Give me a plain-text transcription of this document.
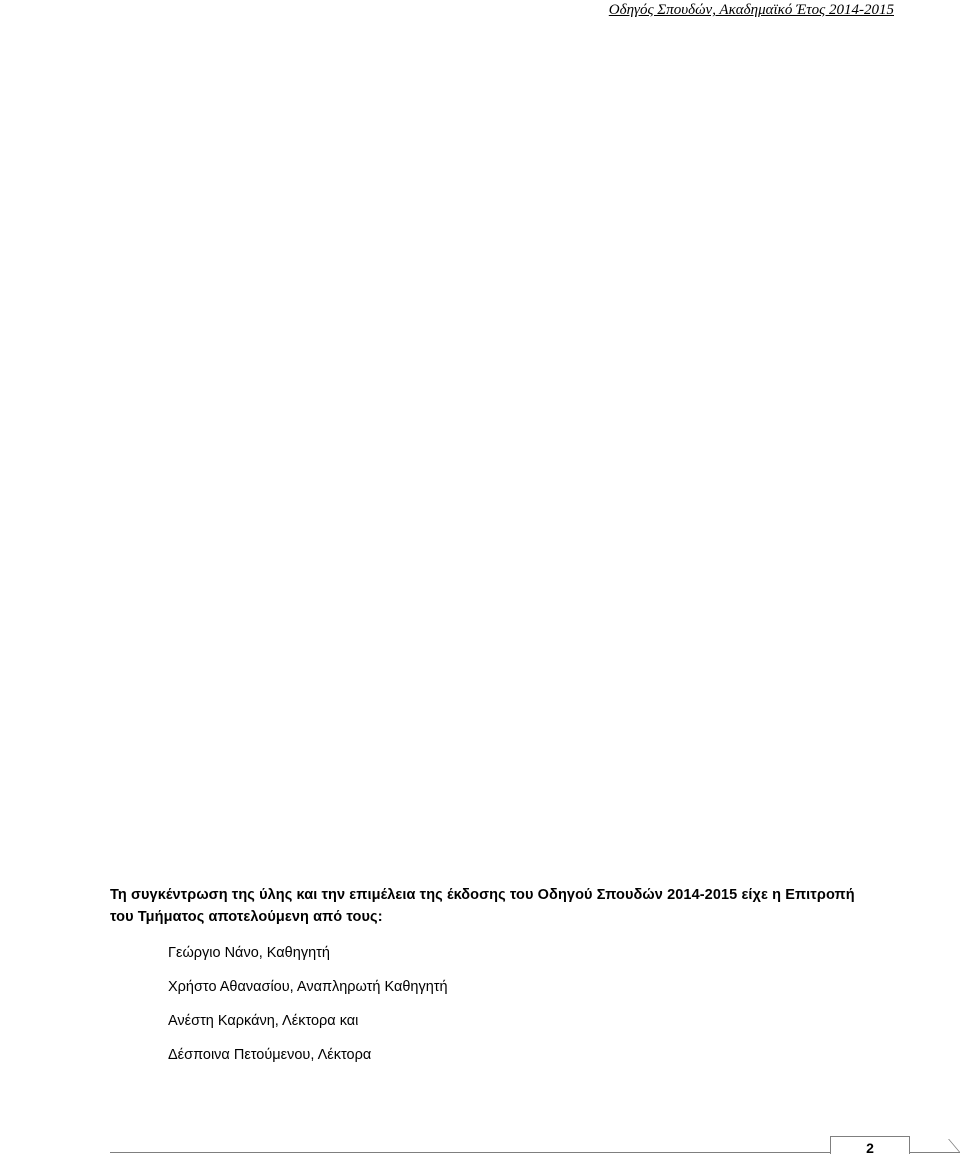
Οδηγός Σπουδών, Ακαδημαϊκό Έτος 2014-2015
Τη συγκέντρωση της ύλης και την επιμέλεια της έκδοσης του Οδηγού Σπουδών 2014-2015 είχε η Επιτροπή
του Τμήματος αποτελούμενη από τους:
Γεώργιο Νάνο, Καθηγητή
Χρήστο Αθανασίου, Αναπληρωτή Καθηγητή
Ανέστη Καρκάνη, Λέκτορα και
Δέσποινα Πετούμενου, Λέκτορα
2
